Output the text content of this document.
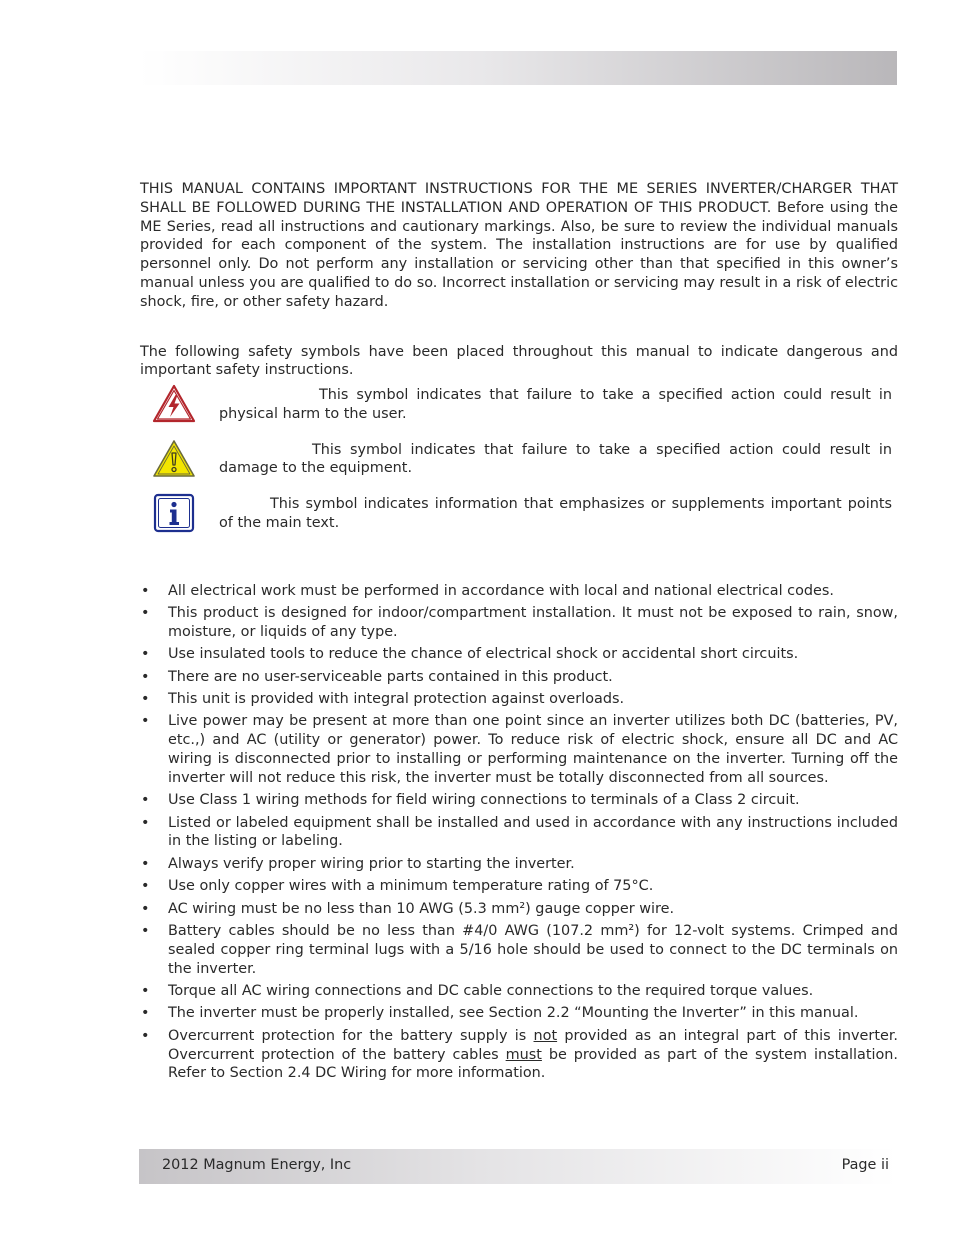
THIS MANUAL CONTAINS IMPORTANT INSTRUCTIONS FOR THE ME SERIES INVERTER/CHARGER THAT SHALL BE FOLLOWED DURING THE INSTALLATION AND OPERATION OF THIS PRODUCT. Before using the ME Series, read all instructions and cautionary markings. Also, be sure to review the individual manuals provided for each component of the system. The installation instructions are for use by qualified personnel only. Do not perform any installation or servicing other than that specified in this owner’s manual unless you are qualified to do so. Incorrect installation or servicing may result in a risk of electric shock, fire, or other safety hazard.

The following safety symbols have been placed throughout this manual to indicate dangerous and important safety instructions.

This symbol indicates that failure to take a specified action could result in physical harm to the user.

This symbol indicates that failure to take a specified action could result in damage to the equipment.

This symbol indicates information that emphasizes or supplements important points of the main text.

• All electrical work must be performed in accordance with local and national electrical codes.
• This product is designed for indoor/compartment installation. It must not be exposed to rain, snow, moisture, or liquids of any type.
• Use insulated tools to reduce the chance of electrical shock or accidental short circuits.
• There are no user-serviceable parts contained in this product.
• This unit is provided with integral protection against overloads.
• Live power may be present at more than one point since an inverter utilizes both DC (batteries, PV, etc.,) and AC (utility or generator) power. To reduce risk of electric shock, ensure all DC and AC wiring is disconnected prior to installing or performing maintenance on the inverter. Turning off the inverter will not reduce this risk, the inverter must be totally disconnected from all sources.
• Use Class 1 wiring methods for field wiring connections to terminals of a Class 2 circuit.
• Listed or labeled equipment shall be installed and used in accordance with any instructions included in the listing or labeling.
• Always verify proper wiring prior to starting the inverter.
• Use only copper wires with a minimum temperature rating of 75°C.
• AC wiring must be no less than 10 AWG (5.3 mm²) gauge copper wire.
• Battery cables should be no less than #4/0 AWG (107.2 mm²) for 12-volt systems. Crimped and sealed copper ring terminal lugs with a 5/16 hole should be used to connect to the DC terminals on the inverter.
• Torque all AC wiring connections and DC cable connections to the required torque values.
• The inverter must be properly installed, see Section 2.2 “Mounting the Inverter” in this manual.
• Overcurrent protection for the battery supply is not provided as an integral part of this inverter. Overcurrent protection of the battery cables must be provided as part of the system installation. Refer to Section 2.4 DC Wiring for more information.
2012 Magnum Energy, Inc	Page ii
